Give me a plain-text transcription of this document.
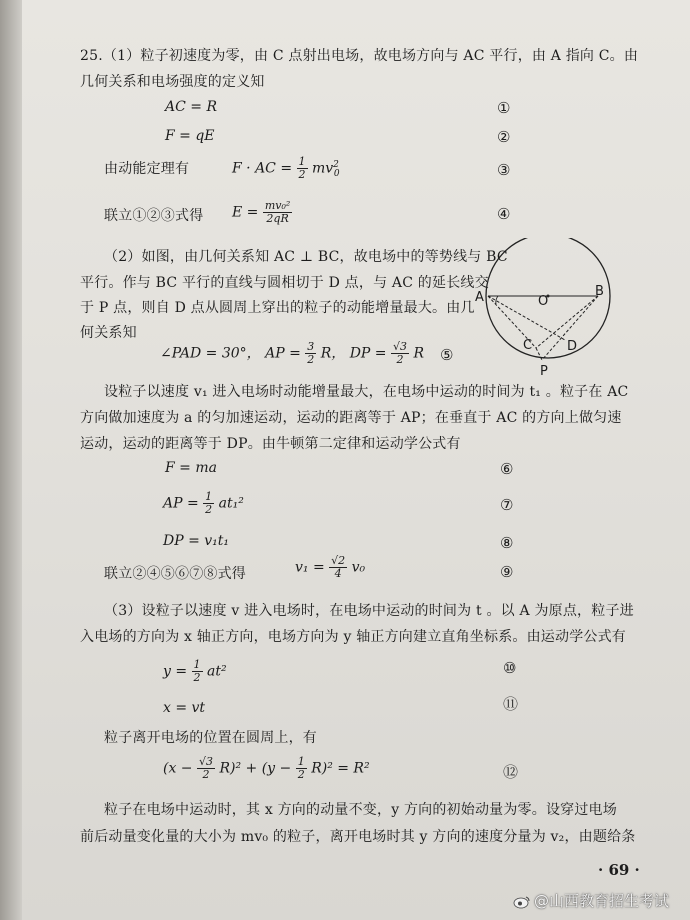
25.（1）粒子初速度为零，由 C 点射出电场，故电场方向与 AC 平行，由 A 指向 C。由
几何关系和电场强度的定义知
AC = R	①
F = qE	②
由动能定理有	F · AC = $\frac{1}{2} mv^2_0$	③
联立①②③式得 $E = \frac{\text{mv₀²}}{2qR}$	④
（2）如图，由几何关系知 AC ⊥ BC，故电场中的等势线与 BC
平行。作与 BC 平行的直线与圆相切于 D 点，与 AC 的延长线交
于 P 点，则自 D 点从圆周上穿出的粒子的动能增量最大。由几
何关系知
∠PAD = 30°， AP = $\frac{3}{2}$ R， DP = $\frac{√3}{2}$ R ⑤
A	O
B
C	D
P
设粒子以速度 v₁ 进入电场时动能增量最大，在电场中运动的时间为 t₁ 。粒子在 AC
方向做加速度为 a 的匀加速运动，运动的距离等于 AP；在垂直于 AC 的方向上做匀速
运动，运动的距离等于 DP。由牛顿第二定律和运动学公式有
F = ma	⑥
AP = $\frac{1}{2} at_1^2$	⑦
DP = v₁t₁	⑧
联立②④⑤⑥⑦⑧式得	$v_1 = \frac{√2}{4} v_0$	⑨
（3）设粒子以速度 v 进入电场时，在电场中运动的时间为 t 。以 A 为原点，粒子进
入电场的方向为 x 轴正方向，电场方向为 y 轴正方向建立直角坐标系。由运动学公式有
$y = \frac{1}{2} at^2$	⑩
x = vt	⑪
粒子离开电场的位置在圆周上，有
$(x - \frac{√3}{2} R)^2 + (y - \frac{1}{2} R)^2 = R^2$	⑫
粒子在电场中运动时，其 x 方向的动量不变，y 方向的初始动量为零。设穿过电场
前后动量变化量的大小为 mv₀ 的粒子，离开电场时其 y 方向的速度分量为 v₂，由题给条
· 69 ·
@山西教育招生考试
